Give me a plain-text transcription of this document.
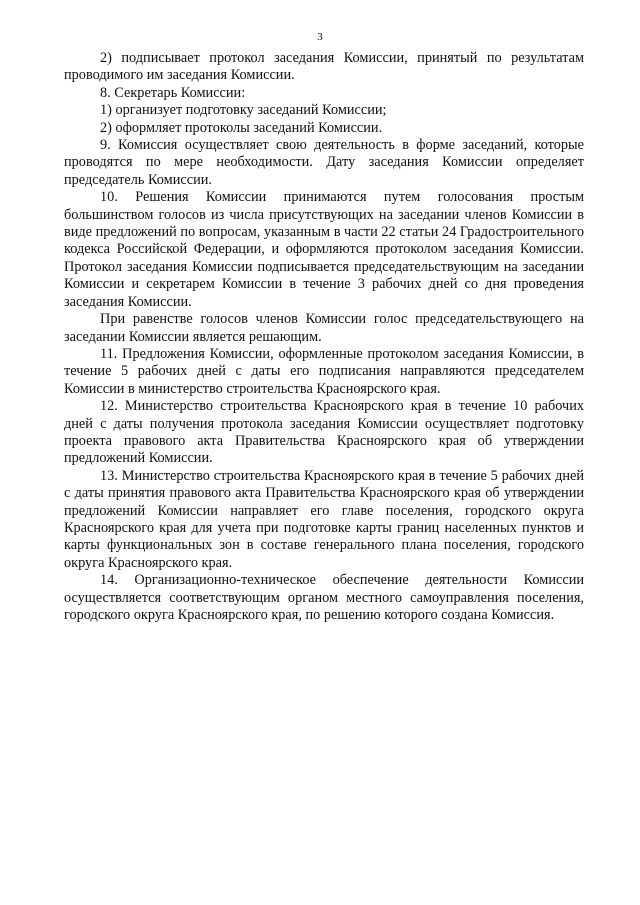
3

2) подписывает протокол заседания Комиссии, принятый по результатам проводимого им заседания Комиссии.

8. Секретарь Комиссии:

1) организует подготовку заседаний Комиссии;

2) оформляет протоколы заседаний Комиссии.

9. Комиссия осуществляет свою деятельность в форме заседаний, которые проводятся по мере необходимости. Дату заседания Комиссии определяет председатель Комиссии.

10. Решения Комиссии принимаются путем голосования простым большинством голосов из числа присутствующих на заседании членов Комиссии в виде предложений по вопросам, указанным в части 22 статьи 24 Градостроительного кодекса Российской Федерации, и оформляются протоколом заседания Комиссии. Протокол заседания Комиссии подписывается председательствующим на заседании Комиссии и секретарем Комиссии в течение 3 рабочих дней со дня проведения заседания Комиссии.

При равенстве голосов членов Комиссии голос председательствующего на заседании Комиссии является решающим.

11. Предложения Комиссии, оформленные протоколом заседания Комиссии, в течение 5 рабочих дней с даты его подписания направляются председателем Комиссии в министерство строительства Красноярского края.

12. Министерство строительства Красноярского края в течение 10 рабочих дней с даты получения протокола заседания Комиссии осуществляет подготовку проекта правового акта Правительства Красноярского края об утверждении предложений Комиссии.

13. Министерство строительства Красноярского края в течение 5 рабочих дней с даты принятия правового акта Правительства Красноярского края об утверждении предложений Комиссии направляет его главе поселения, городского округа Красноярского края для учета при подготовке карты границ населенных пунктов и карты функциональных зон в составе генерального плана поселения, городского округа Красноярского края.

14. Организационно-техническое обеспечение деятельности Комиссии осуществляется соответствующим органом местного самоуправления поселения, городского округа Красноярского края, по решению которого создана Комиссия.
